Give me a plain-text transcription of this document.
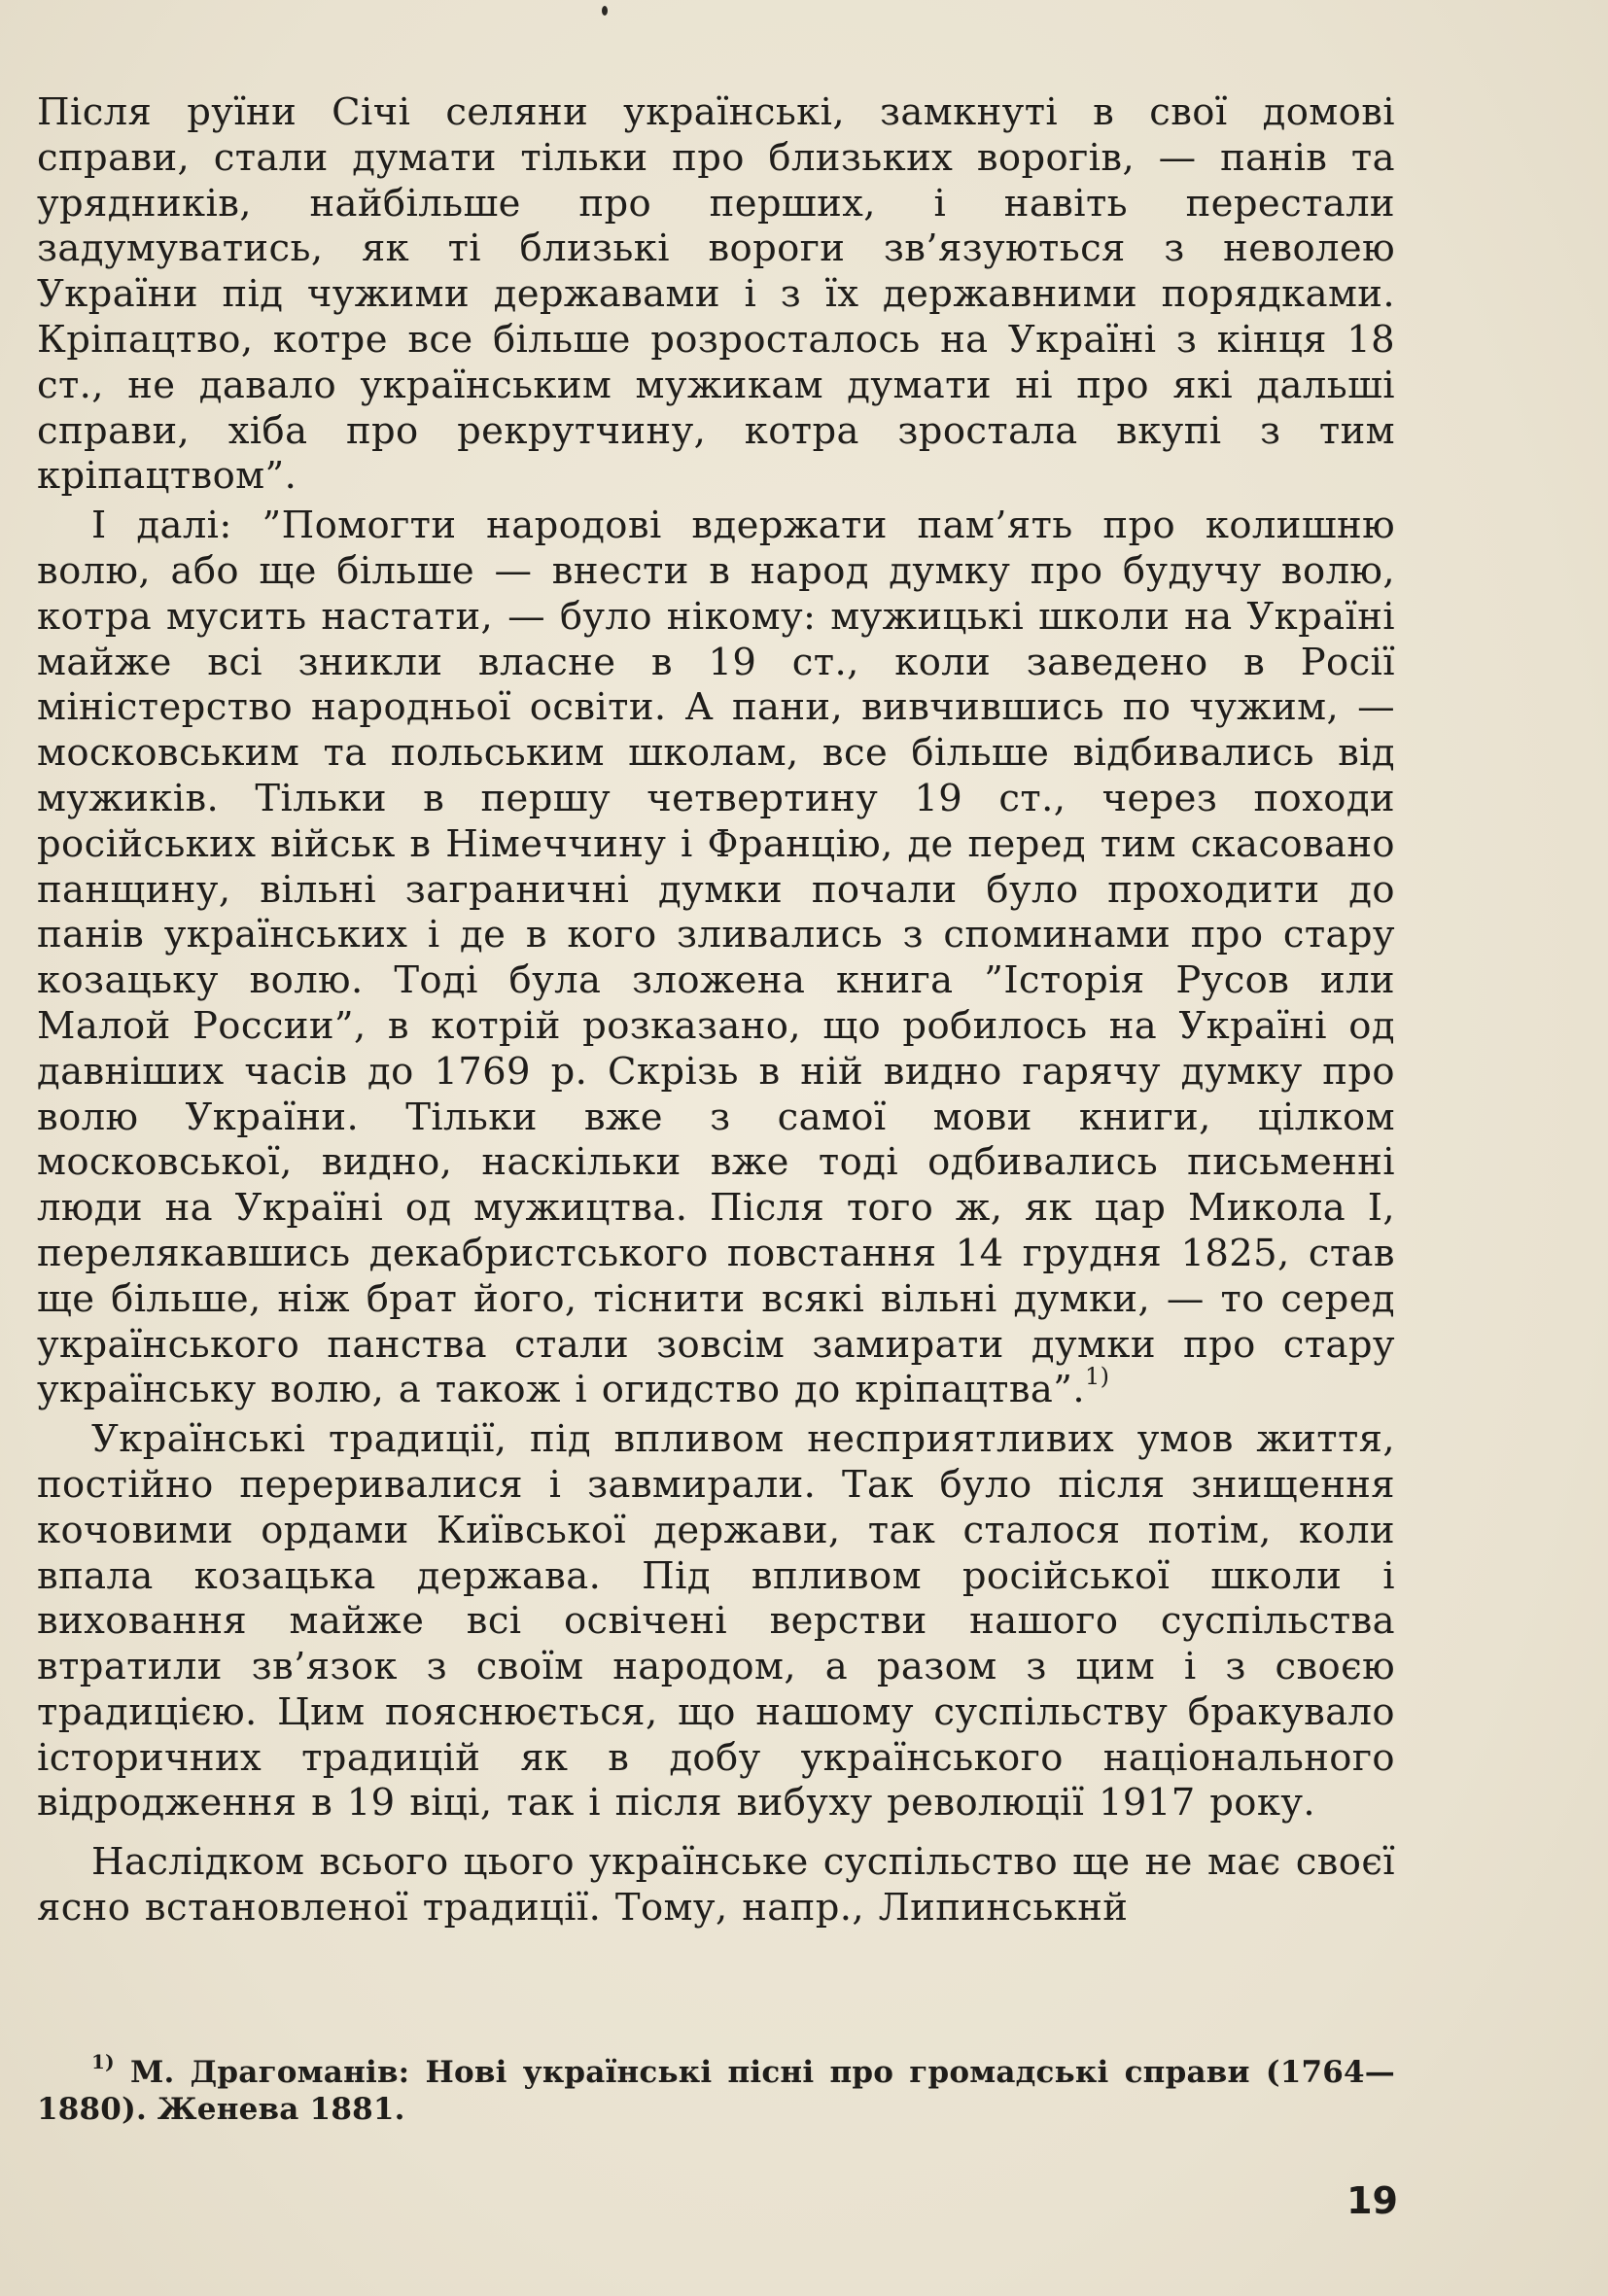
Після руїни Січі селяни українські, замкнуті в свої домові справи, стали думати тільки про близьких ворогів, — панів та урядників, найбільше про перших, і навіть перестали задумуватись, як ті близькі вороги зв’язуються з неволею України під чужими державами і з їх державними порядками. Кріпацтво, котре все більше розросталось на Україні з кінця 18 ст., не давало українським мужикам думати ні про які дальші справи, хіба про рекрутчину, котра зростала вкупі з тим кріпацтвом”.

І далі: ”Помогти народові вдержати пам’ять про колишню волю, або ще більше — внести в народ думку про будучу волю, котра мусить настати, — було нікому: мужицькі школи на Україні майже всі зникли власне в 19 ст., коли заведено в Росії міністерство народньої освіти. А пани, вивчившись по чужим, — московським та польським школам, все більше відбивались від мужиків. Тільки в першу четвертину 19 ст., через походи російських військ в Німеччину і Францію, де перед тим скасовано панщину, вільні заграничні думки почали було проходити до панів українських і де в кого зливались з споминами про стару козацьку волю. Тоді була зложена книга ”Історія Русов или Малой России”, в котрій розказано, що робилось на Україні од давніших часів до 1769 р. Скрізь в ній видно гарячу думку про волю України. Тільки вже з самої мови книги, цілком московської, видно, наскільки вже тоді одбивались письменні люди на Україні од мужицтва. Після того ж, як цар Микола І, перелякавшись декабристського повстання 14 грудня 1825, став ще більше, ніж брат його, тіснити всякі вільні думки, — то серед українського панства стали зовсім замирати думки про стару українську волю, а також і огидство до кріпацтва”.$^{1)}$

Українські традиції, під впливом несприятливих умов життя, постійно переривалися і завмирали. Так було після знищення кочовими ордами Київської держави, так сталося потім, коли впала козацька держава. Під впливом російської школи і виховання майже всі освічені верстви нашого суспільства втратили зв’язок з своїм народом, а разом з цим і з своєю традицією. Цим пояснюється, що нашому суспільству бракувало історичних традицій як в добу українського національного відродження в 19 віці, так і після вибуху революції 1917 року.

Наслідком всього цього українське суспільство ще не має своєї ясно встановленої традиції. Тому, напр., Липинськнй

$^{1)}$ М. Драгоманів: Нові українські пісні про громадські справи (1764—1880). Женева 1881.

19
